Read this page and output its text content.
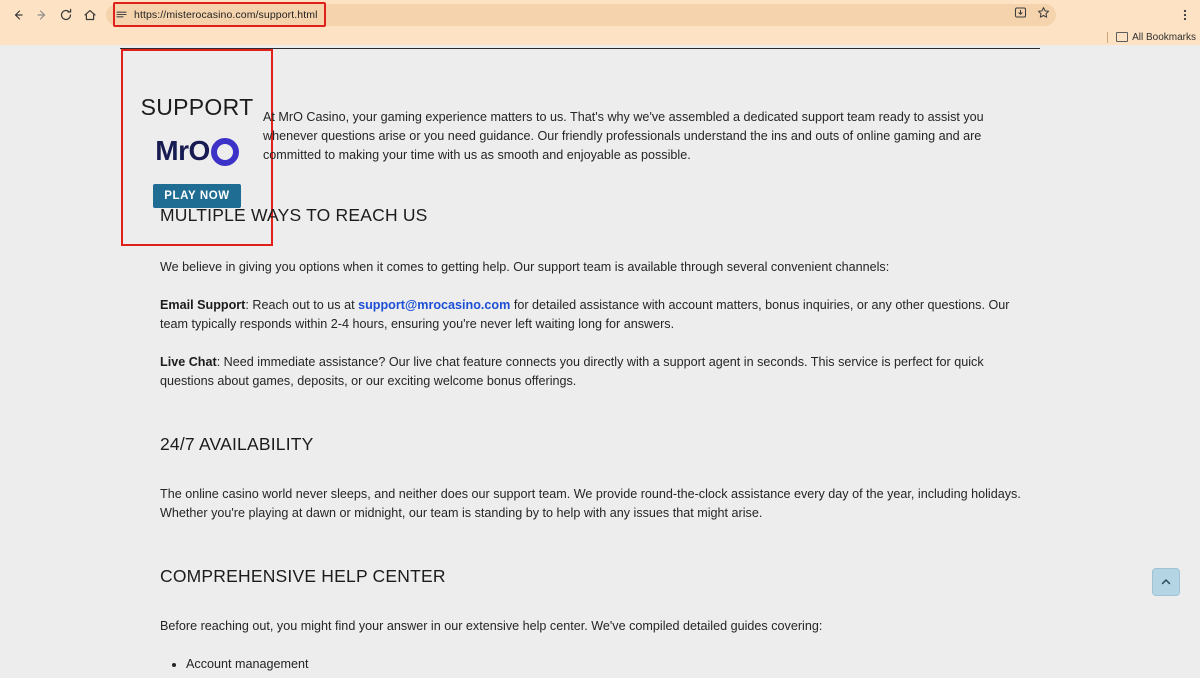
https://misterocasino.com/support.html
All Bookmarks
SUPPORT
MrO
PLAY NOW

At MrO Casino, your gaming experience matters to us. That's why we've assembled a dedicated support team ready to assist you whenever questions arise or you need guidance. Our friendly professionals understand the ins and outs of online gaming and are committed to making your time with us as smooth and enjoyable as possible.

MULTIPLE WAYS TO REACH US

We believe in giving you options when it comes to getting help. Our support team is available through several convenient channels:

Email Support: Reach out to us at support@mrocasino.com for detailed assistance with account matters, bonus inquiries, or any other questions. Our team typically responds within 2-4 hours, ensuring you're never left waiting long for answers.

Live Chat: Need immediate assistance? Our live chat feature connects you directly with a support agent in seconds. This service is perfect for quick questions about games, deposits, or our exciting welcome bonus offerings.

24/7 AVAILABILITY

The online casino world never sleeps, and neither does our support team. We provide round-the-clock assistance every day of the year, including holidays. Whether you're playing at dawn or midnight, our team is standing by to help with any issues that might arise.

COMPREHENSIVE HELP CENTER

Before reaching out, you might find your answer in our extensive help center. We've compiled detailed guides covering:

• Account management
